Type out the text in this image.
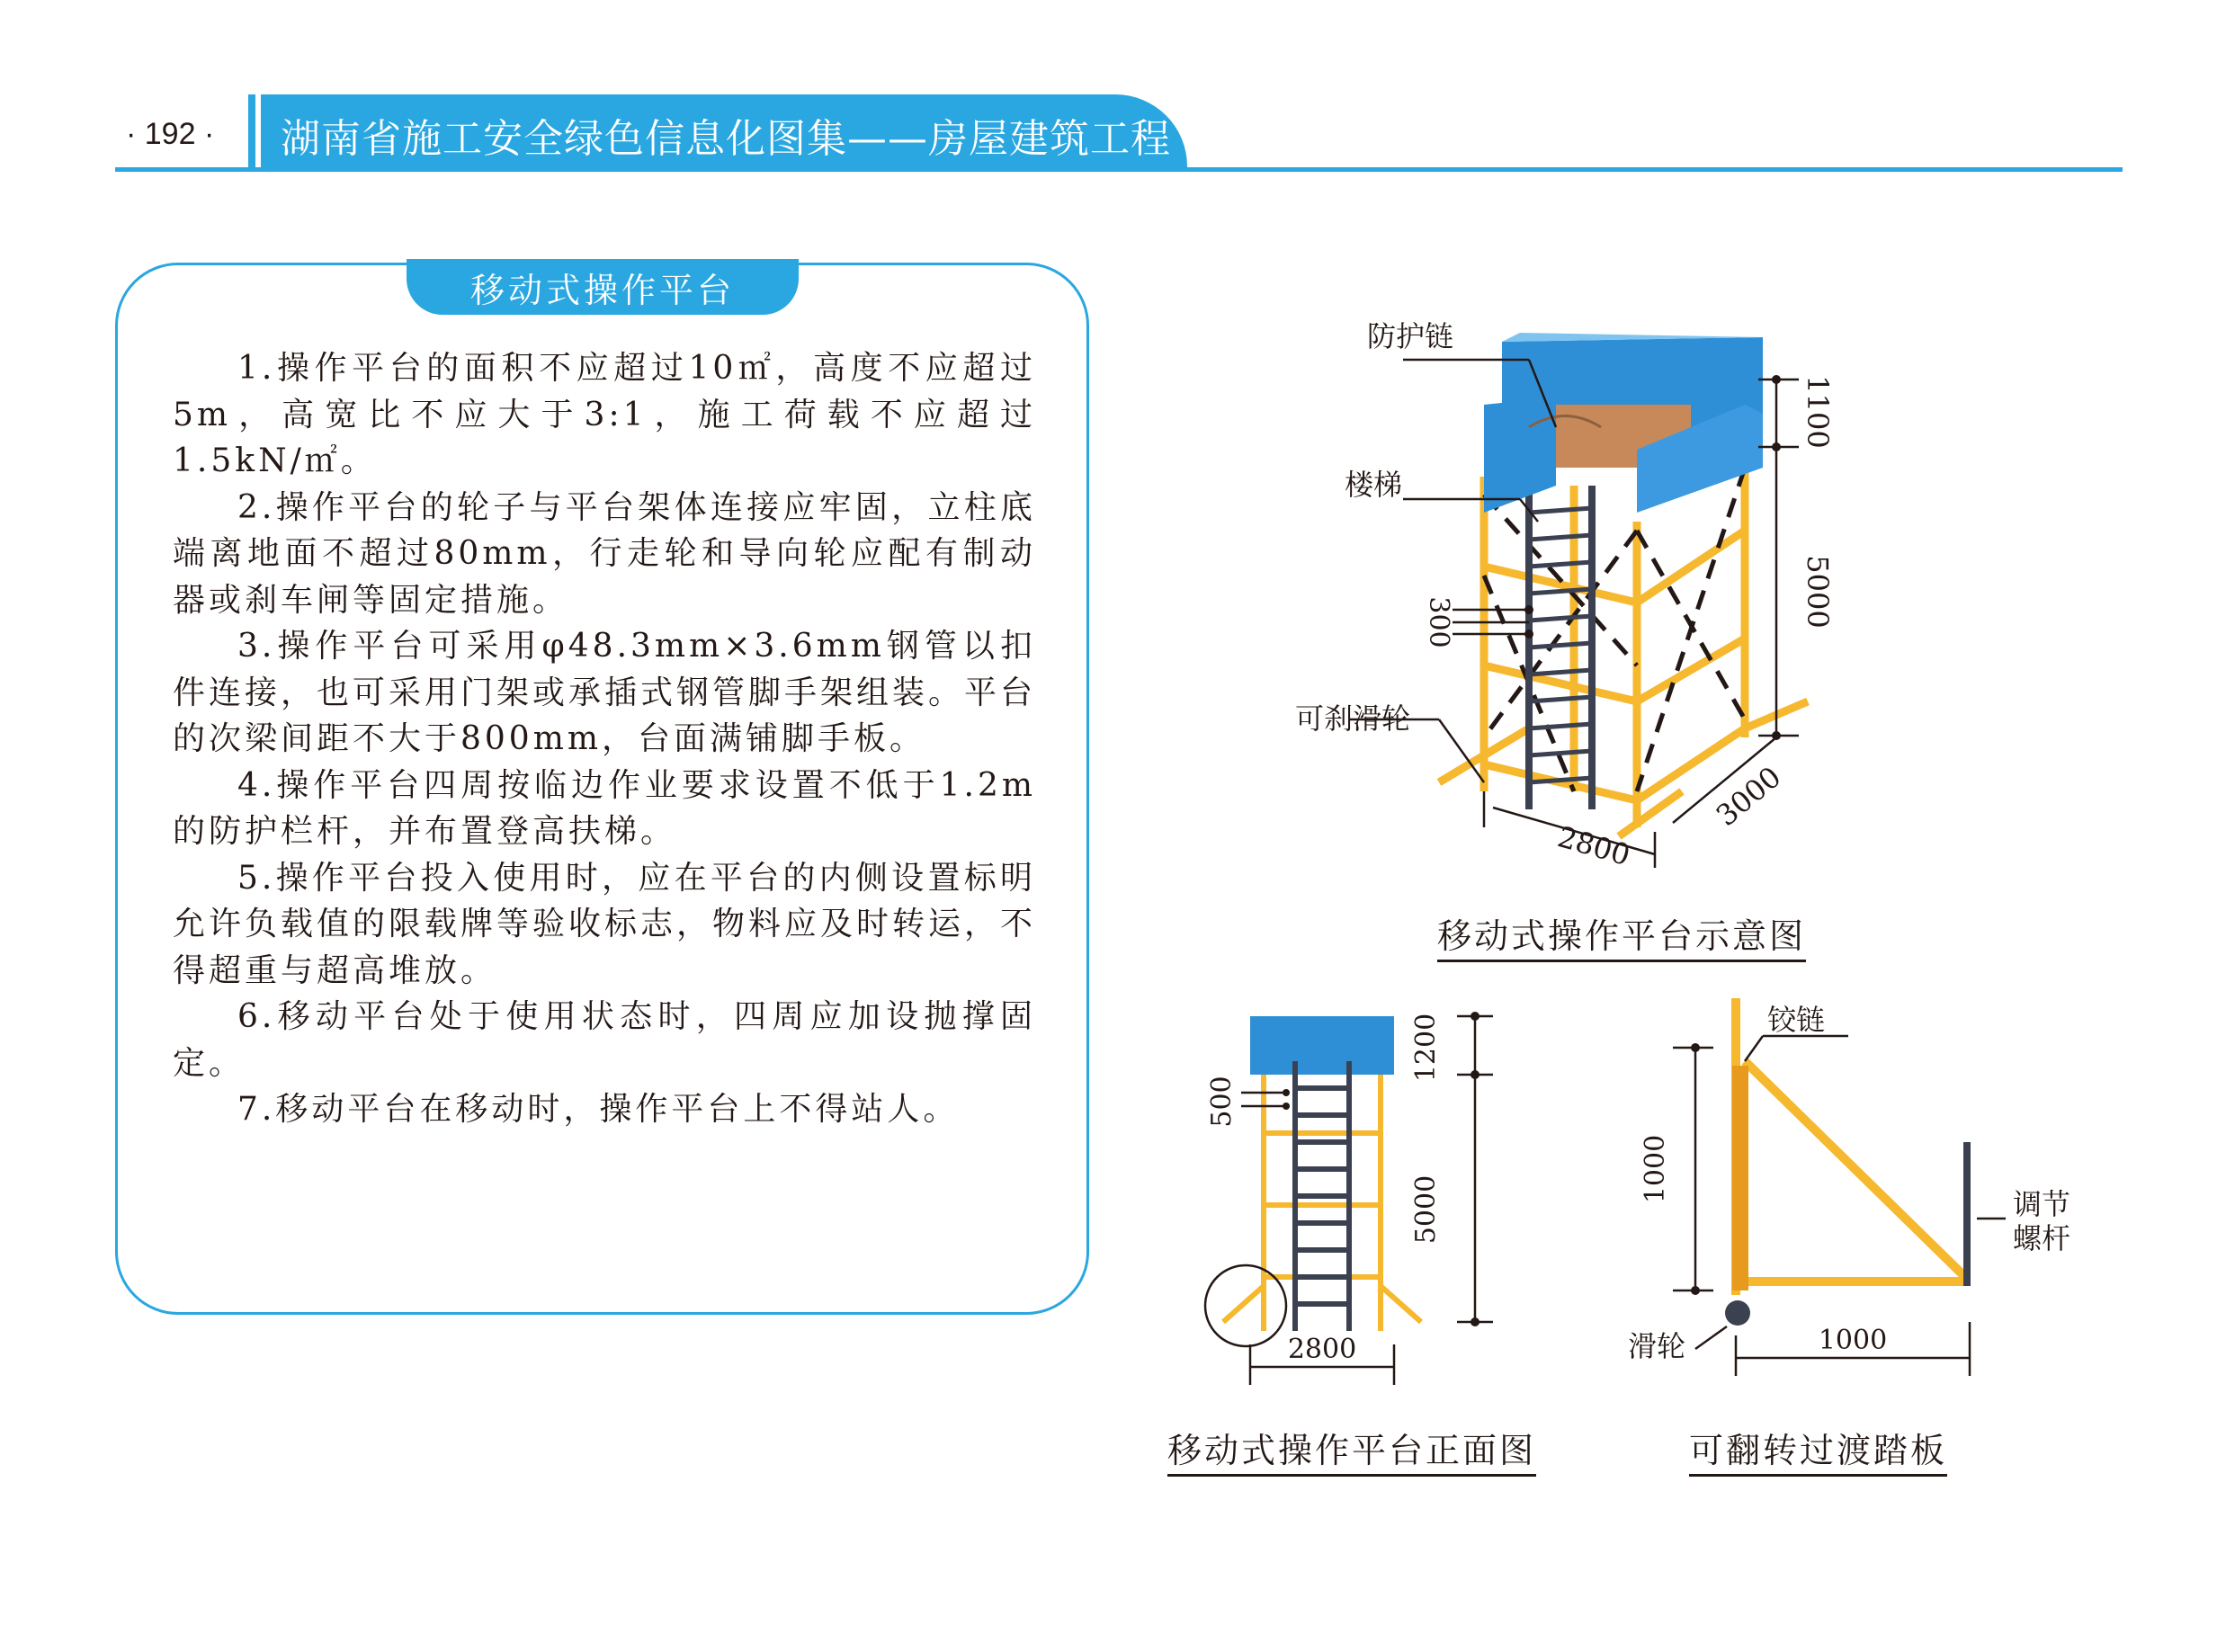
· 192 · 湖南省施工安全绿色信息化图集——房屋建筑工程
移动式操作平台

1.操作平台的面积不应超过10㎡，高度不应超过5m，高宽比不应大于3:1，施工荷载不应超过1.5kN/㎡。

2.操作平台的轮子与平台架体连接应牢固，立柱底端离地面不超过80mm，行走轮和导向轮应配有制动器或刹车闸等固定措施。

3.操作平台可采用φ48.3mm×3.6mm钢管以扣件连接，也可采用门架或承插式钢管脚手架组装。平台的次梁间距不大于800mm，台面满铺脚手板。

4.操作平台四周按临边作业要求设置不低于1.2m的防护栏杆，并布置登高扶梯。

5.操作平台投入使用时，应在平台的内侧设置标明允许负载值的限载牌等验收标志，物料应及时转运，不得超重与超高堆放。

6.移动平台处于使用状态时，四周应加设抛撑固定。

7.移动平台在移动时，操作平台上不得站人。

防护链
楼梯
可刹滑轮
1100
5000
300
2800
3000
移动式操作平台示意图
1200
5000
500
2800
移动式操作平台正面图
1000
1000
铰链
调节
螺杆
滑轮
可翻转过渡踏板
